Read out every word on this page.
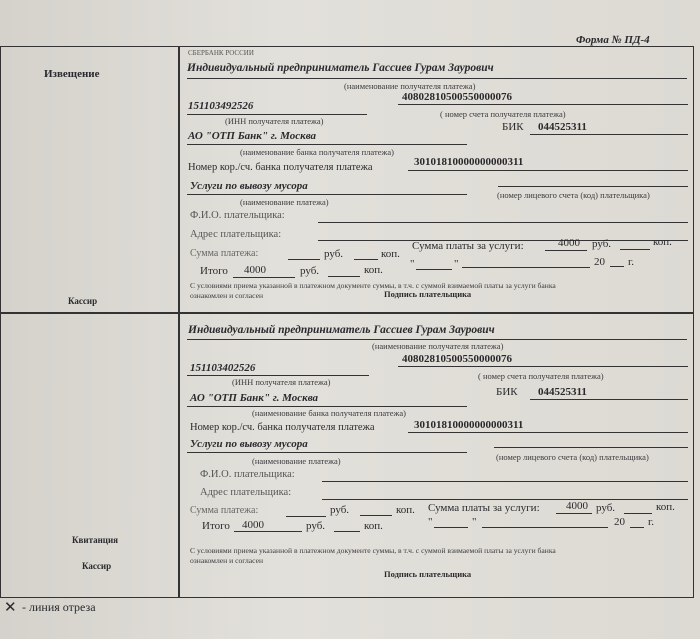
Форма № ПД-4
СБЕРБАНК РОССИИ
Извещение
Кассир
Квитанция
Кассир
Индивидуальный предприниматель Гассиев Гурам Заурович
(наименование получателя платежа)
151103492526
40802810500550000076
(ИНН получателя платежа)
( номер счета получателя платежа)
АО "ОТП Банк" г. Москва
БИК 044525311
(наименование банка получателя платежа)
Номер кор./сч. банка получателя платежа	30101810000000000311
Услуги по вывозу мусора
(наименование платежа)
(номер лицевого счета (код) плательщика)
Ф.И.О. плательщика:
Адрес плательщика:
Сумма платежа:	руб.	коп.
Сумма платы за услуги:	4000 руб.	коп.
Итого 4000	руб.	коп. "	"	20 г.
С условиями приема указанной в платежном документе суммы, в т.ч. с суммой взимаемой платы за услуги банка
ознакомлен и согласен	Подпись плательщика
Индивидуальный предприниматель Гассиев Гурам Заурович
(наименование получателя платежа)
151103402526
40802810500550000076
(ИНН получателя платежа)
( номер счета получателя платежа)
АО "ОТП Банк" г. Москва	БИК 044525311
(наименование банка получателя платежа)
Номер кор./сч. банка получателя платежа	30101810000000000311
Услуги по вывозу мусора
(наименование платежа)	(номер лицевого счета (код) плательщика)
Ф.И.О. плательщика:
Адрес плательщика:
Сумма платежа:	руб.	коп. Сумма платы за услуги: 4000 руб.	коп.
Итого 4000	руб.	коп.	"	"	20 г.
С условиями приема указанной в платежном документе суммы, в т.ч. с суммой взимаемой платы за услуги банка
ознакомлен и согласен
Подпись плательщика
✕ - линия отреза
